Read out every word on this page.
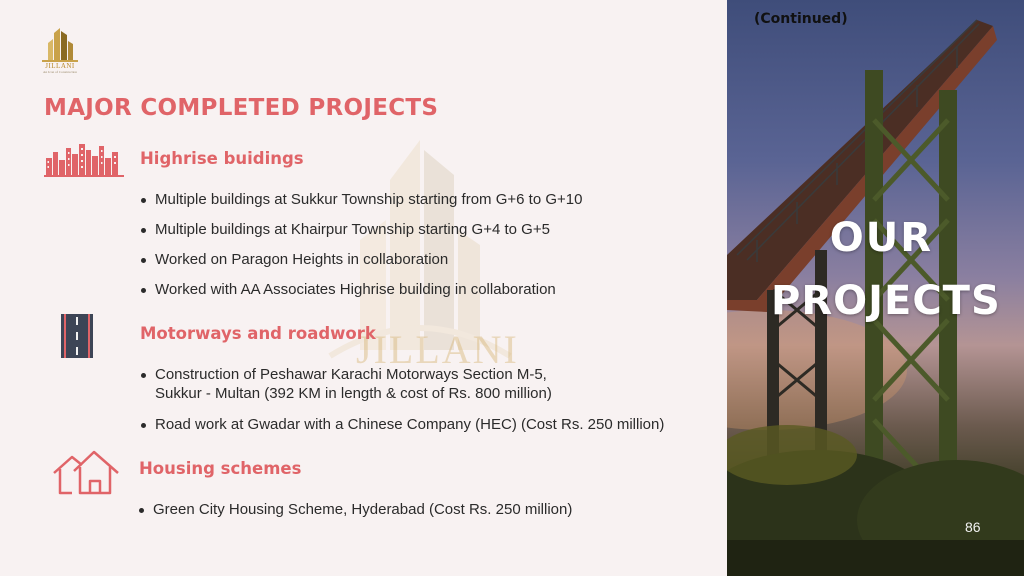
JILLANI
An Icon of Construction
JILLANI
MAJOR COMPLETED PROJECTS
Highrise buidings
Multiple buildings at Sukkur Township starting from G+6 to G+10
Multiple buildings at Khairpur Township starting G+4 to G+5
Worked on Paragon Heights in collaboration
Worked with AA Associates Highrise building in collaboration
Motorways and roadwork
Construction of Peshawar Karachi Motorways Section M-5,
Sukkur - Multan (392 KM in length & cost of Rs. 800 million)
Road work at Gwadar with a Chinese Company (HEC) (Cost Rs. 250 million)
Housing schemes
Green City Housing Scheme, Hyderabad (Cost Rs. 250 million)
(Continued)
OUR
PROJECTS
86
